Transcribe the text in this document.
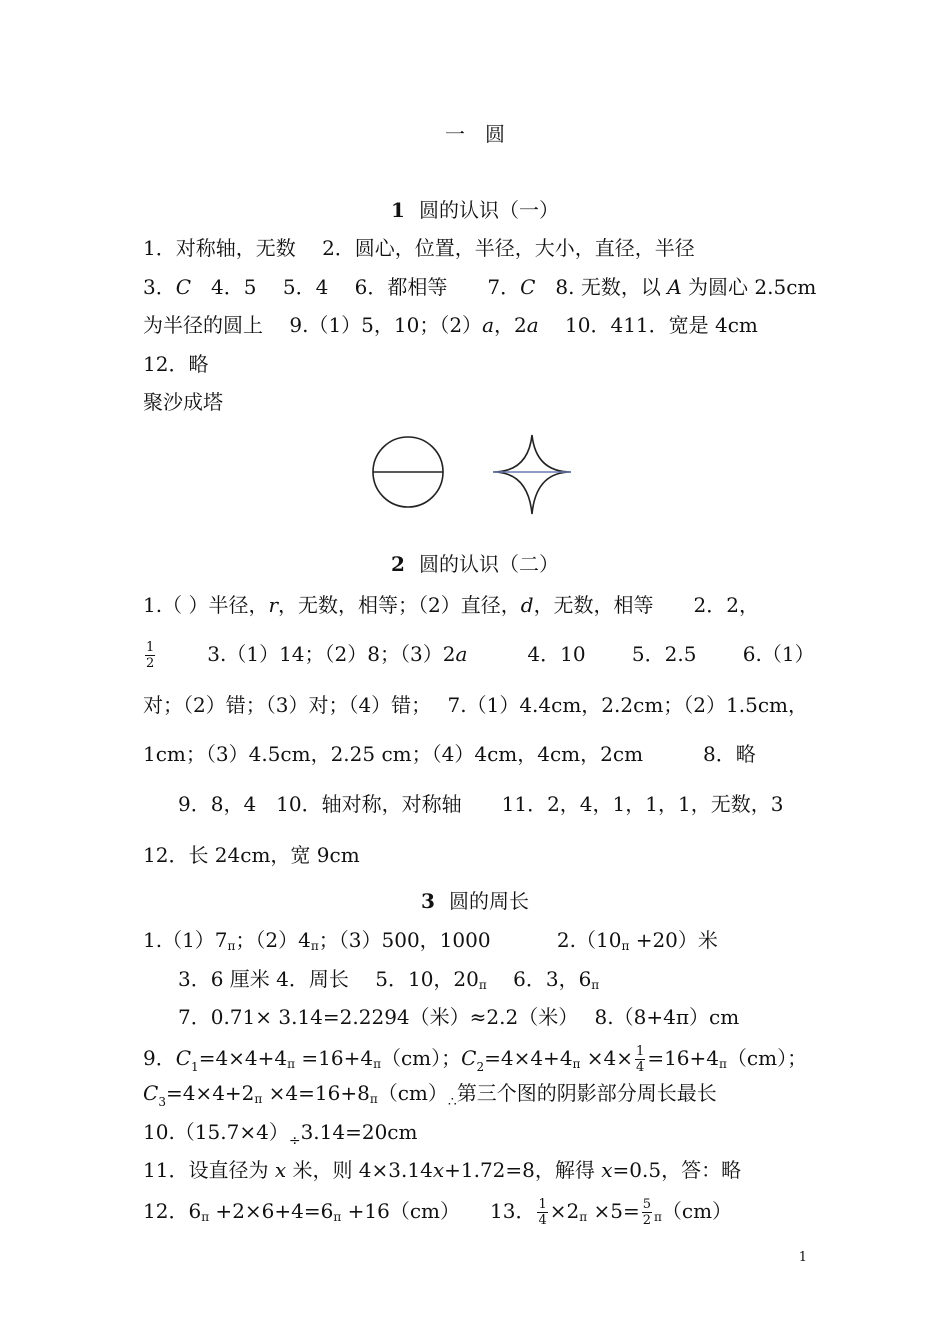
一　圆
1 圆的认识（一）
1．对称轴，无数　 2．圆心，位置，半径，大小，直径，半径
3．C　4．5　 5．4　 6．都相等　　7．C　8. 无数，以 A 为圆心 2.5cm
为半径的圆上　 9.（1）5，10；（2）a，2a　 10．411．宽是 4cm
12．略
聚沙成塔
2 圆的认识（二）
1.（ ）半径，r，无数，相等；（2）直径，d，无数，相等　　2．2，
$\frac{1}{2}$	3.（1）14；（2）8；（3）2a　　　4．10　　 5．2.5　　 6.（1）
对；（2）错；（3）对；（4）错；　 7.（1）4.4cm，2.2cm；（2）1.5cm，
1cm；（3）4.5cm，2.25 cm；（4）4cm，4cm，2cm　　　8．略
9．8，4　10．轴对称，对称轴　　11．2，4，1，1，1，无数，3
12．长 24cm，宽 9cm
3 圆的周长
1.（1）7π；（2）4π；（3）500，1000　　　 2.（10π +20）米
3．6 厘米 4．周长　 5．10，20π　 6．3，6π
7．0.71× 3.14=2.2294（米）≈2.2（米）　 8.（8+4π）cm
9．$C_1=4\times 4+4\pi =16+4\pi(cm)$；$C_2=4\times 4+4\pi \times 4\times \frac{1}{4} =16+4\pi(cm)$；
$C_3=4\times 4+2\pi \times 4=16+8\pi(cm)_\therefore$第三个图的阴影部分周长最长
$10.(15.7\times 4)_\div 3.14=20cm$
11．设直径为 x 米，则 4×3.14x+1.72=8，解得 x=0.5，答：略
12．6π +2×6+4=6π +16（cm）　　13． $\frac{1}{4} \times 2\pi \times 5= \frac{5}{2} \pi(cm)$
1
